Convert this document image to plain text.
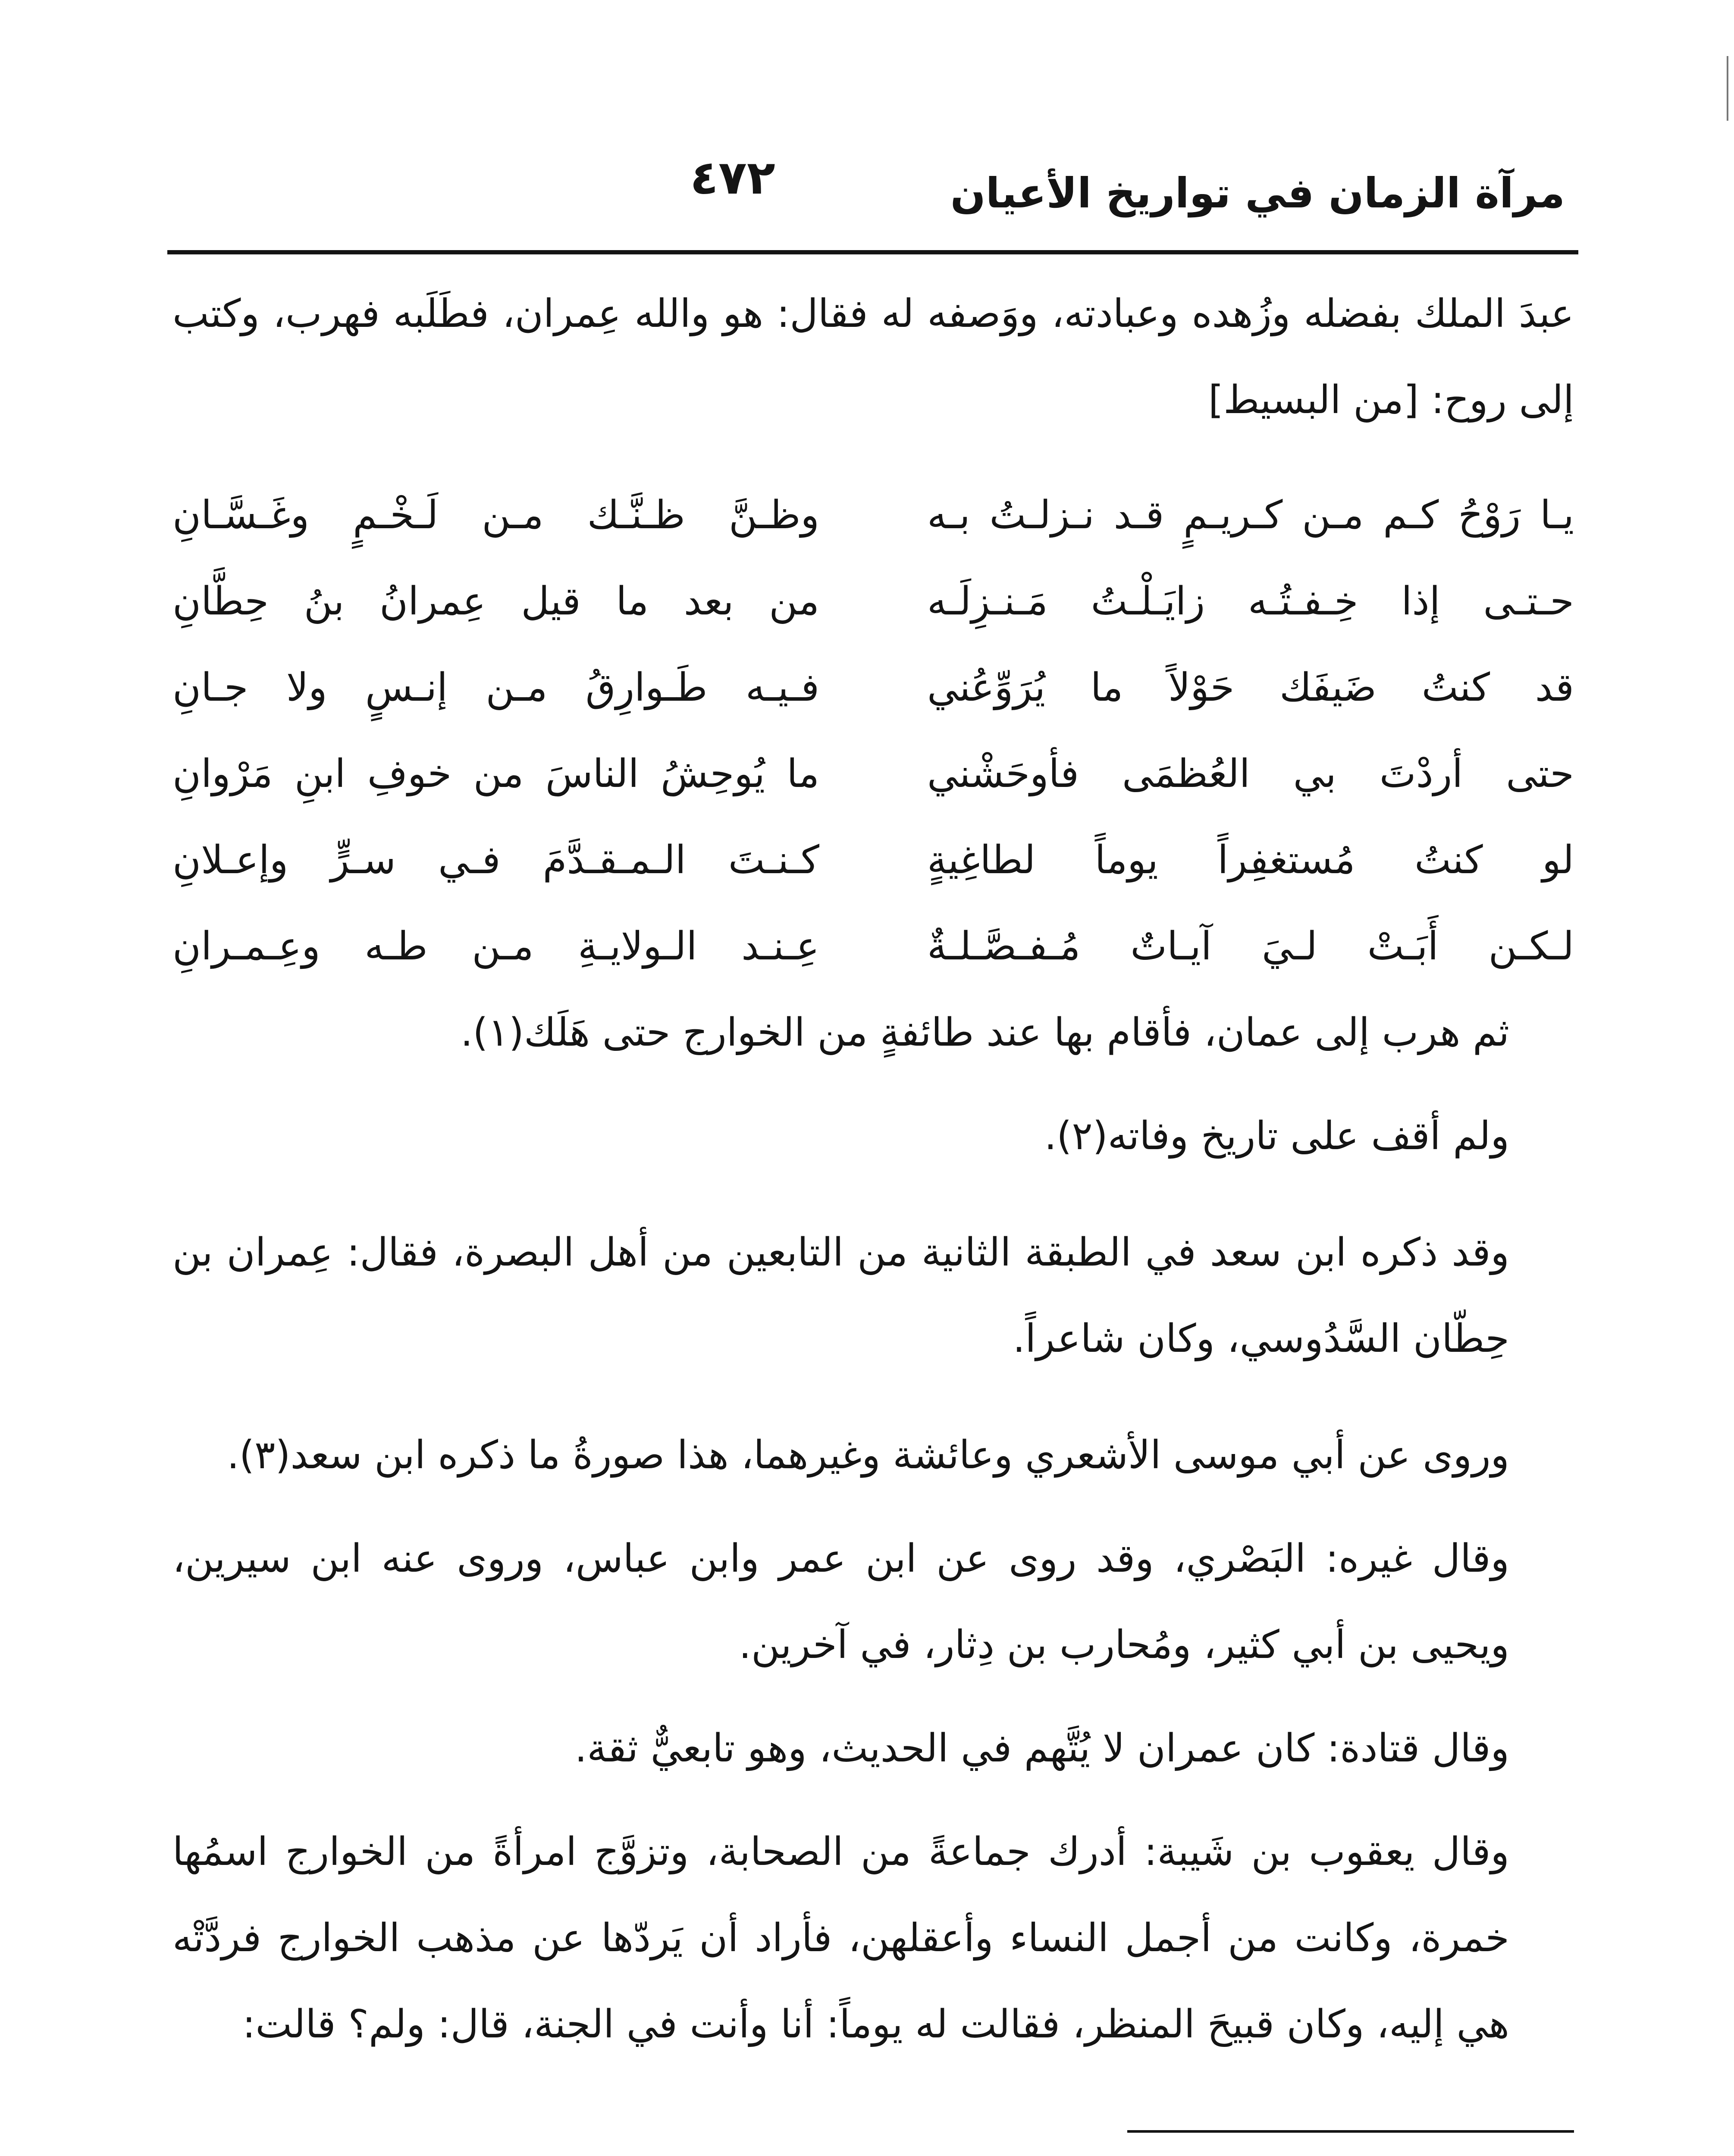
٤٧٢	مرآة الزمان في تواريخ الأعيان

عبدَ الملك بفضله وزُهده وعبادته، ووَصفه له فقال: هو والله عِمران، فطَلَبه فهرب، وكتب إلى روح: [من البسيط]

يـا رَوْحُ كـم مـن كـريـمٍ قـد نـزلـتُ بـه
وظـنَّ ظـنَّـك مـن لَـخْـمٍ وغَـسَّـانِ
حـتـى إذا خِـفـتُـه زايَـلْـتُ مَـنـزِلَـه
من بعد ما قيل عِمرانُ بنُ حِطَّانِ
قد كنتُ ضَيفَك حَوْلاً ما يُرَوِّعُني
فـيـه طَـوارِقُ مـن إنـسٍ ولا جـانِ
حتى أردْتَ بي العُظمَى فأوحَشْني
ما يُوحِشُ الناسَ من خوفِ ابنِ مَرْوانِ
لو كنتُ مُستغفِراً يوماً لطاغِيةٍ
كـنـتَ الـمـقـدَّمَ فـي سـرٍّ وإعـلانِ
لـكـن أَبَـتْ لـيَ آيـاتٌ مُـفـصَّـلـةٌ
عِـنـد الـولايـةِ مـن طـه وعِـمـرانِ

ثم هرب إلى عمان، فأقام بها عند طائفةٍ من الخوارج حتى هَلَك(١).

ولم أقف على تاريخ وفاته(٢).

وقد ذكره ابن سعد في الطبقة الثانية من التابعين من أهل البصرة، فقال: عِمران بن حِطّان السَّدُوسي، وكان شاعراً.

وروى عن أبي موسى الأشعري وعائشة وغيرهما، هذا صورةُ ما ذكره ابن سعد(٣).

وقال غيره: البَصْري، وقد روى عن ابن عمر وابن عباس، وروى عنه ابن سيرين، ويحيى بن أبي كثير، ومُحارب بن دِثار، في آخرين.

وقال قتادة: كان عمران لا يُتَّهم في الحديث، وهو تابعيٌّ ثقة.

وقال يعقوب بن شَيبة: أدرك جماعةً من الصحابة، وتزوَّج امرأةً من الخوارج اسمُها خمرة، وكانت من أجمل النساء وأعقلهن، فأراد أن يَردّها عن مذهب الخوارج فردَّتْه هي إليه، وكان قبيحَ المنظر، فقالت له يوماً: أنا وأنت في الجنة، قال: ولم؟ قالت:
